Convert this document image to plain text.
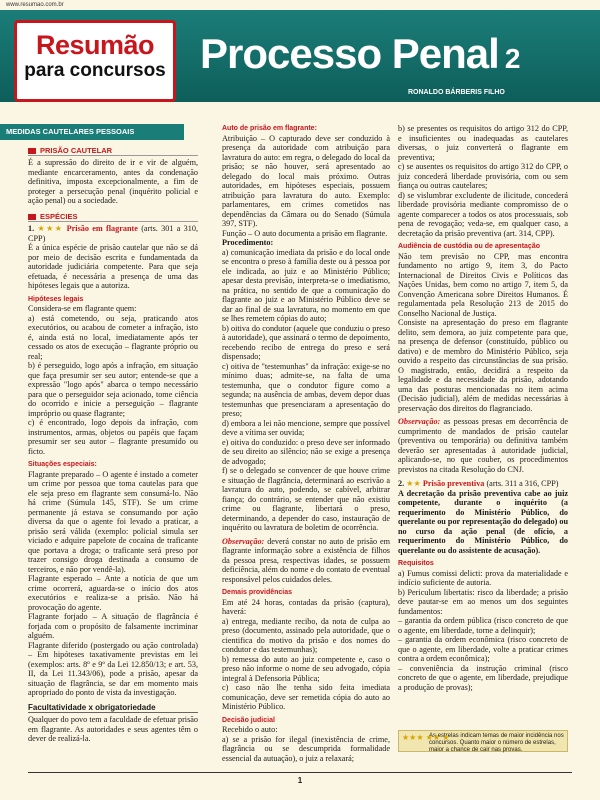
www.resumao.com.br
Resumão
para concursos Processo Penal 2
RONALDO BÁRBERIS FILHO
MEDIDAS CAUTELARES PESSOAIS
PRISÃO CAUTELAR

É a supressão do direito de ir e vir de alguém, mediante encarceramento, antes da condenação definitiva, imposta excepcionalmente, a fim de proteger a persecução penal (inquérito policial e ação penal) ou a sociedade.

ESPÉCIES

1. ★★★ Prisão em flagrante (arts. 301 a 310, CPP)

É a única espécie de prisão cautelar que não se dá por meio de decisão escrita e fundamentada da autoridade judiciária competente. Para que seja efetuada, é necessária a presença de uma das hipóteses legais que a autoriza.

Hipóteses legais

Considera-se em flagrante quem:

a) está cometendo, ou seja, praticando atos executórios, ou acabou de cometer a infração, isto é, ainda está no local, imediatamente após ter cessado os atos de execução – flagrante próprio ou real;

b) é perseguido, logo após a infração, em situação que faça presumir ser seu autor; entende-se que a expressão "logo após" abarca o tempo necessário para que o perseguidor seja acionado, tome ciência do ocorrido e inicie a perseguição – flagrante impróprio ou quase flagrante;

c) é encontrado, logo depois da infração, com instrumentos, armas, objetos ou papéis que façam presumir ser seu autor – flagrante presumido ou ficto.

Situações especiais:

Flagrante preparado – O agente é instado a cometer um crime por pessoa que toma cautelas para que ele seja preso em flagrante sem consumá-lo. Não há crime (Súmula 145, STF). Se um crime permanente já estava se consumando por ação diversa da que o agente foi levado a praticar, a prisão será válida (exemplo: policial simula ser viciado e adquire papelote de cocaína de traficante que portava a droga; o traficante será preso por trazer consigo droga destinada a consumo de terceiros, e não por vendê-la).

Flagrante esperado – Ante a notícia de que um crime ocorrerá, aguarda-se o início dos atos executórios e realiza-se a prisão. Não há provocação do agente.

Flagrante forjado – A situação de flagrância é forjada com o propósito de falsamente incriminar alguém.

Flagrante diferido (postergado ou ação controlada) – Em hipóteses taxativamente previstas em lei (exemplos: arts. 8º e 9º da Lei 12.850/13; e art. 53, II, da Lei 11.343/06), pode a prisão, apesar da situação de flagrância, se dar em momento mais apropriado do ponto de vista da investigação.

Facultatividade x obrigatoriedade

Qualquer do povo tem a faculdade de efetuar prisão em flagrante. As autoridades e seus agentes têm o dever de realizá-la.

Auto de prisão em flagrante:

Atribuição – O capturado deve ser conduzido à presença da autoridade com atribuição para lavratura do auto: em regra, o delegado do local da prisão; se não houver, será apresentado ao delegado do local mais próximo. Outras autoridades, em hipóteses especiais, possuem atribuição para lavratura do auto. Exemplo: parlamentares, em crimes cometidos nas dependências da Câmara ou do Senado (Súmula 397, STF).

Função – O auto documenta a prisão em flagrante.

Procedimento:

a) comunicação imediata da prisão e do local onde se encontra o preso à família deste ou à pessoa por ele indicada, ao juiz e ao Ministério Público; apesar desta previsão, interpreta-se o imediatismo, na prática, no sentido de que a comunicação do flagrante ao juiz e ao Ministério Público deve se dar ao final de sua lavratura, no momento em que se lhes remetem cópias do auto;

b) oitiva do condutor (aquele que conduziu o preso à autoridade), que assinará o termo de depoimento, recebendo recibo de entrega do preso e será dispensado;

c) oitiva de "testemunhas" da infração: exige-se no mínimo duas; admite-se, na falta de uma testemunha, que o condutor figure como a segunda; na ausência de ambas, devem depor duas testemunhas que presenciaram a apresentação do preso;

d) embora a lei não mencione, sempre que possível deve a vítima ser ouvida;

e) oitiva do conduzido: o preso deve ser informado de seu direito ao silêncio; não se exige a presença de advogado;

f) se o delegado se convencer de que houve crime e situação de flagrância, determinará ao escrivão a lavratura do auto, podendo, se cabível, arbitrar fiança; do contrário, se entender que não existiu crime ou flagrante, libertará o preso, determinando, a depender do caso, instauração de inquérito ou lavratura de boletim de ocorrência.

Observação: deverá constar no auto de prisão em flagrante informação sobre a existência de filhos da pessoa presa, respectivas idades, se possuem deficiência, além do nome e do contato de eventual responsável pelos cuidados deles.

Demais providências

Em até 24 horas, contadas da prisão (captura), haverá:

a) entrega, mediante recibo, da nota de culpa ao preso (documento, assinado pela autoridade, que o cientifica do motivo da prisão e dos nomes do condutor e das testemunhas);

b) remessa do auto ao juiz competente e, caso o preso não informe o nome de seu advogado, cópia integral à Defensoria Pública;

c) caso não lhe tenha sido feita imediata comunicação, deve ser remetida cópia do auto ao Ministério Público.

Decisão judicial

Recebido o auto:

a) se a prisão for ilegal (inexistência de crime, flagrância ou se descumprida formalidade essencial da autuação), o juiz a relaxará;

b) se presentes os requisitos do artigo 312 do CPP, e insuficientes ou inadequadas as cautelares diversas, o juiz converterá o flagrante em preventiva;

c) se ausentes os requisitos do artigo 312 do CPP, o juiz concederá liberdade provisória, com ou sem fiança ou outras cautelares;

d) se vislumbrar excludente de ilicitude, concederá liberdade provisória mediante compromisso de o agente comparecer a todos os atos processuais, sob pena de revogação; veda-se, em qualquer caso, a decretação da prisão preventiva (art. 314, CPP).

Audiência de custódia ou de apresentação

Não tem previsão no CPP, mas encontra fundamento no artigo 9, item 3, do Pacto Internacional de Direitos Civis e Políticos das Nações Unidas, bem como no artigo 7, item 5, da Convenção Americana sobre Direitos Humanos. É regulamentada pela Resolução 213 de 2015 do Conselho Nacional de Justiça.

Consiste na apresentação do preso em flagrante delito, sem demora, ao juiz competente para que, na presença de defensor (constituído, público ou dativo) e de membro do Ministério Público, seja ouvido a respeito das circunstâncias de sua prisão. O magistrado, então, decidirá a respeito da legalidade e da necessidade da prisão, adotando uma das posturas mencionadas no item acima (Decisão judicial), além de medidas necessárias à preservação dos direitos do flagranciado.

Observação: as pessoas presas em decorrência de cumprimento de mandados de prisão cautelar (preventiva ou temporária) ou definitiva também deverão ser apresentadas à autoridade judicial, aplicando-se, no que couber, os procedimentos previstos na citada Resolução do CNJ.

2. ★★ Prisão preventiva (arts. 311 a 316, CPP)

A decretação da prisão preventiva cabe ao juiz competente, durante o inquérito (a requerimento do Ministério Público, do querelante ou por representação do delegado) ou no curso da ação penal (de ofício, a requerimento do Ministério Público, do querelante ou do assistente de acusação).

Requisitos

a) Fumus comissi delicti: prova da materialidade e indício suficiente de autoria.

b) Periculum libertatis: risco da liberdade; a prisão deve pautar-se em ao menos um dos seguintes fundamentos:

– garantia da ordem pública (risco concreto de que o agente, em liberdade, torne a delinquir);

– garantia da ordem econômica (risco concreto de que o agente, em liberdade, volte a praticar crimes contra a ordem econômica);

– conveniência da instrução criminal (risco concreto de que o agente, em liberdade, prejudique a produção de provas);

★★★ ★★ ★
As estrelas indicam temas de maior incidência nos concursos. Quanto maior o número de estrelas, maior a chance de cair nas provas.
1
